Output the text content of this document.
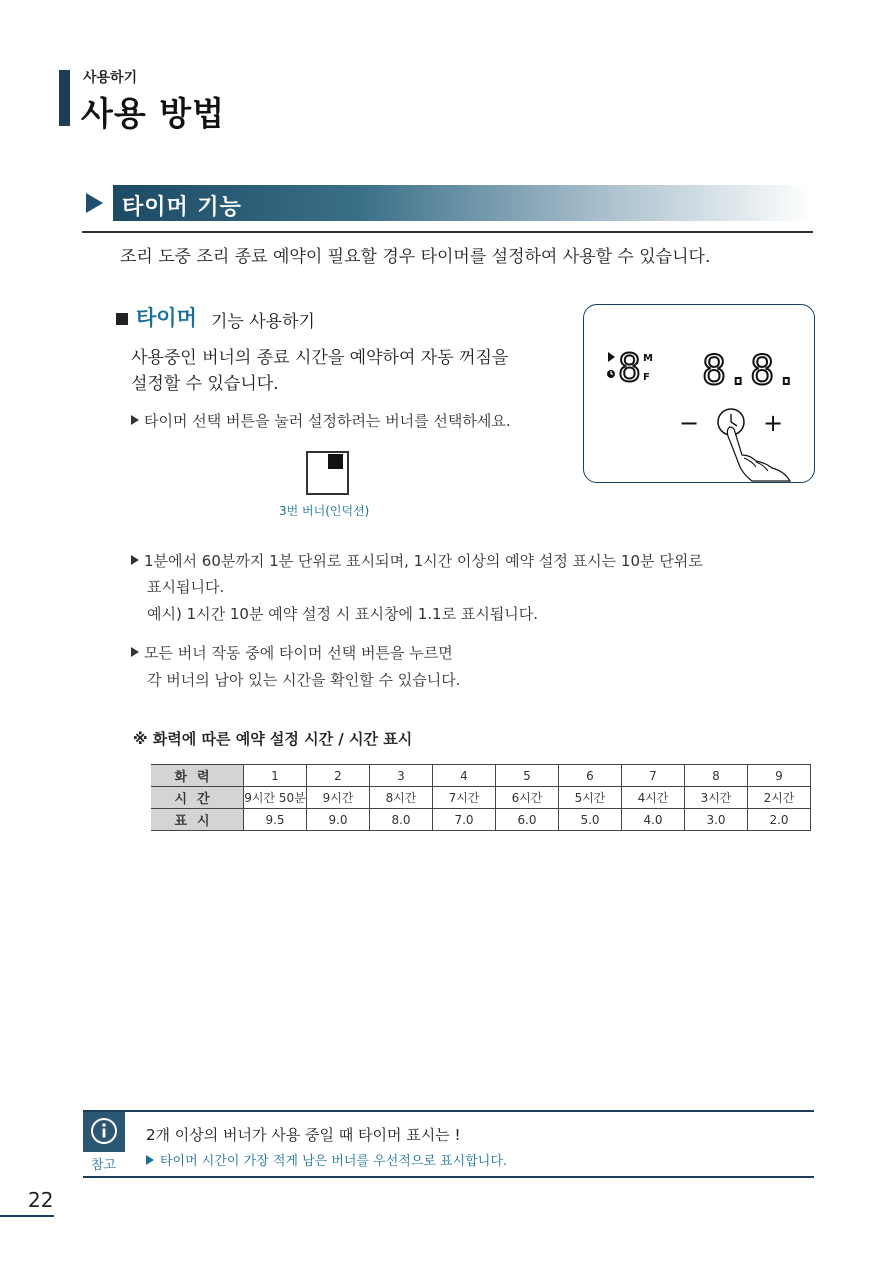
사용하기
사용 방법
타이머 기능
조리 도중 조리 종료 예약이 필요할 경우 타이머를 설정하여 사용할 수 있습니다.
타이머 기능 사용하기
사용중인 버너의 종료 시간을 예약하여 자동 꺼짐을
설정할 수 있습니다.
타이머 선택 버튼을 눌러 설정하려는 버너를 선택하세요.
3번 버너(인덕션)
1분에서 60분까지 1분 단위로 표시되며, 1시간 이상의 예약 설정 표시는 10분 단위로
표시됩니다.
예시) 1시간 10분 예약 설정 시 표시창에 1.1로 표시됩니다.
모든 버너 작동 중에 타이머 선택 버튼을 누르면
각 버너의 남아 있는 시간을 확인할 수 있습니다.
8 M
F 8.8.
−	+
※ 화력에 따른 예약 설정 시간 / 시간 표시
화력	1	2	3	4	5	6	7	8	9
시간	9시간 50분	9시간	8시간	7시간	6시간	5시간	4시간	3시간	2시간
표시	9.5	9.0	8.0	7.0	6.0	5.0	4.0	3.0	2.0
참고
2개 이상의 버너가 사용 중일 때 타이머 표시는 !
타이머 시간이 가장 적게 남은 버너를 우선적으로 표시합니다.
22
